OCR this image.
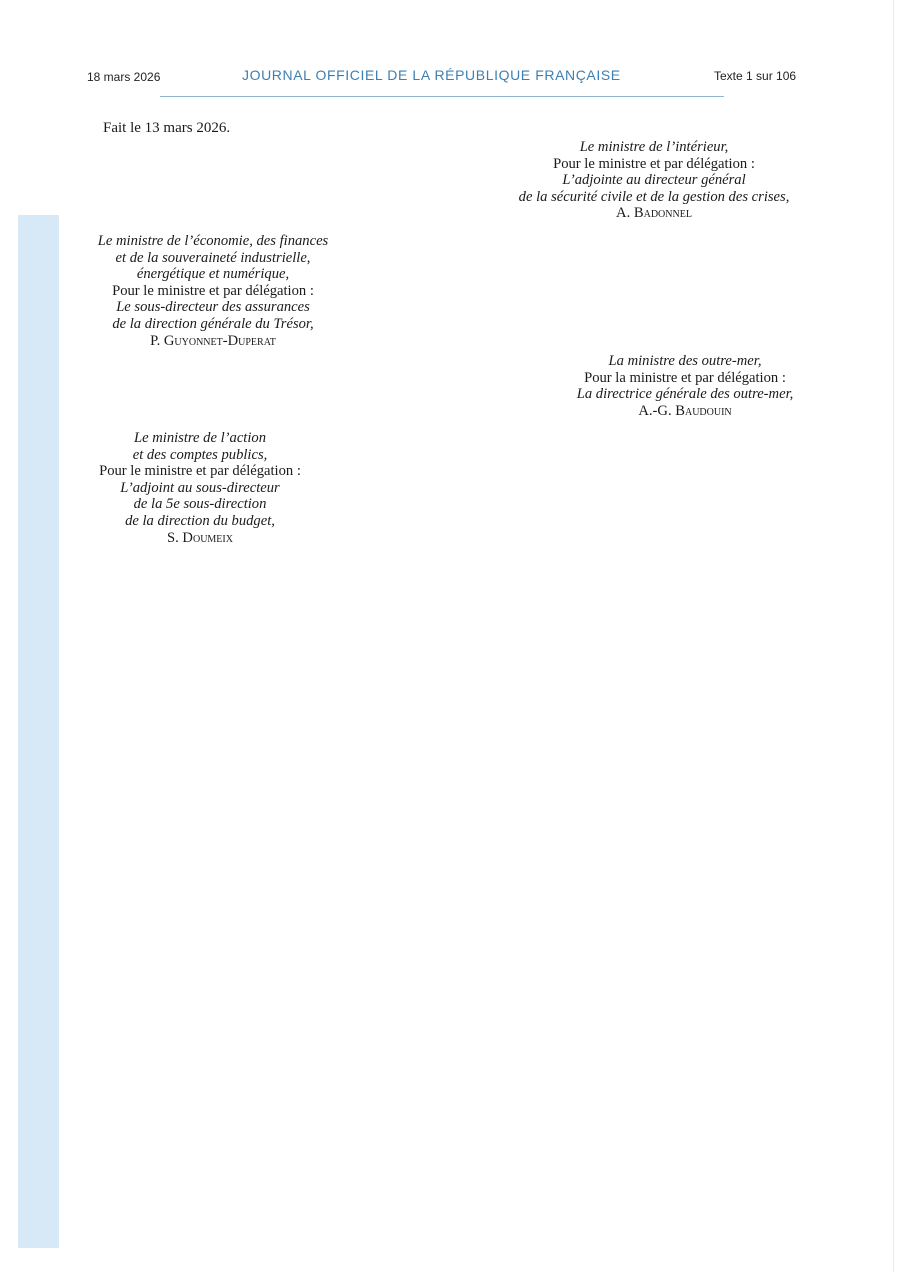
18 mars 2026	JOURNAL OFFICIEL DE LA RÉPUBLIQUE FRANÇAISE	Texte 1 sur 106
Fait le 13 mars 2026.
Le ministre de l’intérieur,
Pour le ministre et par délégation :
L’adjointe au directeur général
de la sécurité civile et de la gestion des crises,
A. Badonnel
Le ministre de l’économie, des finances
et de la souveraineté industrielle,
énergétique et numérique,
Pour le ministre et par délégation :
Le sous-directeur des assurances
de la direction générale du Trésor,
P. Guyonnet-Duperat
La ministre des outre-mer,
Pour la ministre et par délégation :
La directrice générale des outre-mer,
A.-G. Baudouin
Le ministre de l’action
et des comptes publics,
Pour le ministre et par délégation :
L’adjoint au sous-directeur
de la 5e sous-direction
de la direction du budget,
S. Doumeix
